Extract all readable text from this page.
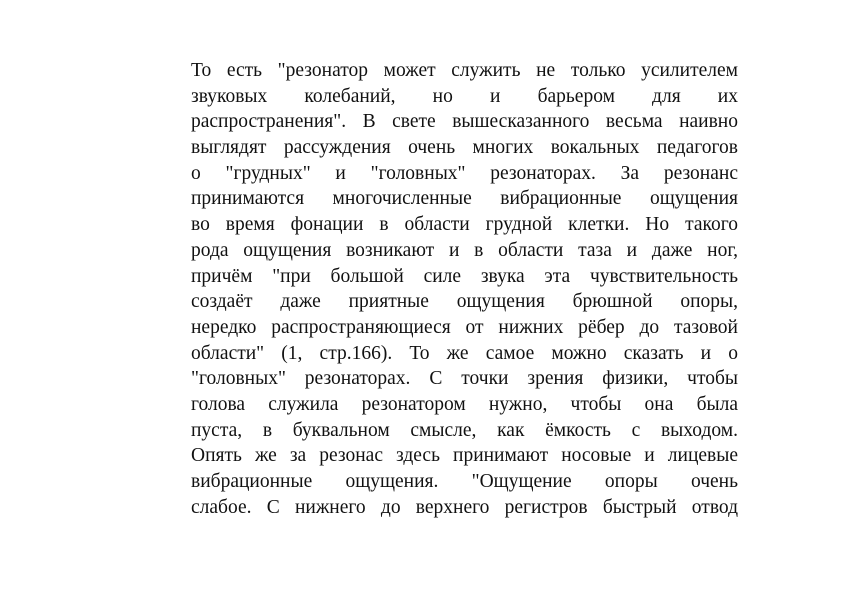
То есть "резонатор может служить не только усилителем
звуковых колебаний, но и барьером для их
распространения". В свете вышесказанного весьма наивно
выглядят рассуждения очень многих вокальных педагогов
о "грудных" и "головных" резонаторах. За резонанс
принимаются многочисленные вибрационные ощущения
во время фонации в области грудной клетки. Но такого
рода ощущения возникают и в области таза и даже ног,
причём "при большой силе звука эта чувствительность
создаёт даже приятные ощущения брюшной опоры,
нередко распространяющиеся от нижних рёбер до тазовой
области" (1, стр.166). То же самое можно сказать и о
"головных" резонаторах. С точки зрения физики, чтобы
голова служила резонатором нужно, чтобы она была
пуста, в буквальном смысле, как ёмкость с выходом.
Опять же за резонас здесь принимают носовые и лицевые
вибрационные ощущения. "Ощущение опоры очень
слабое. С нижнего до верхнего регистров быстрый отвод
